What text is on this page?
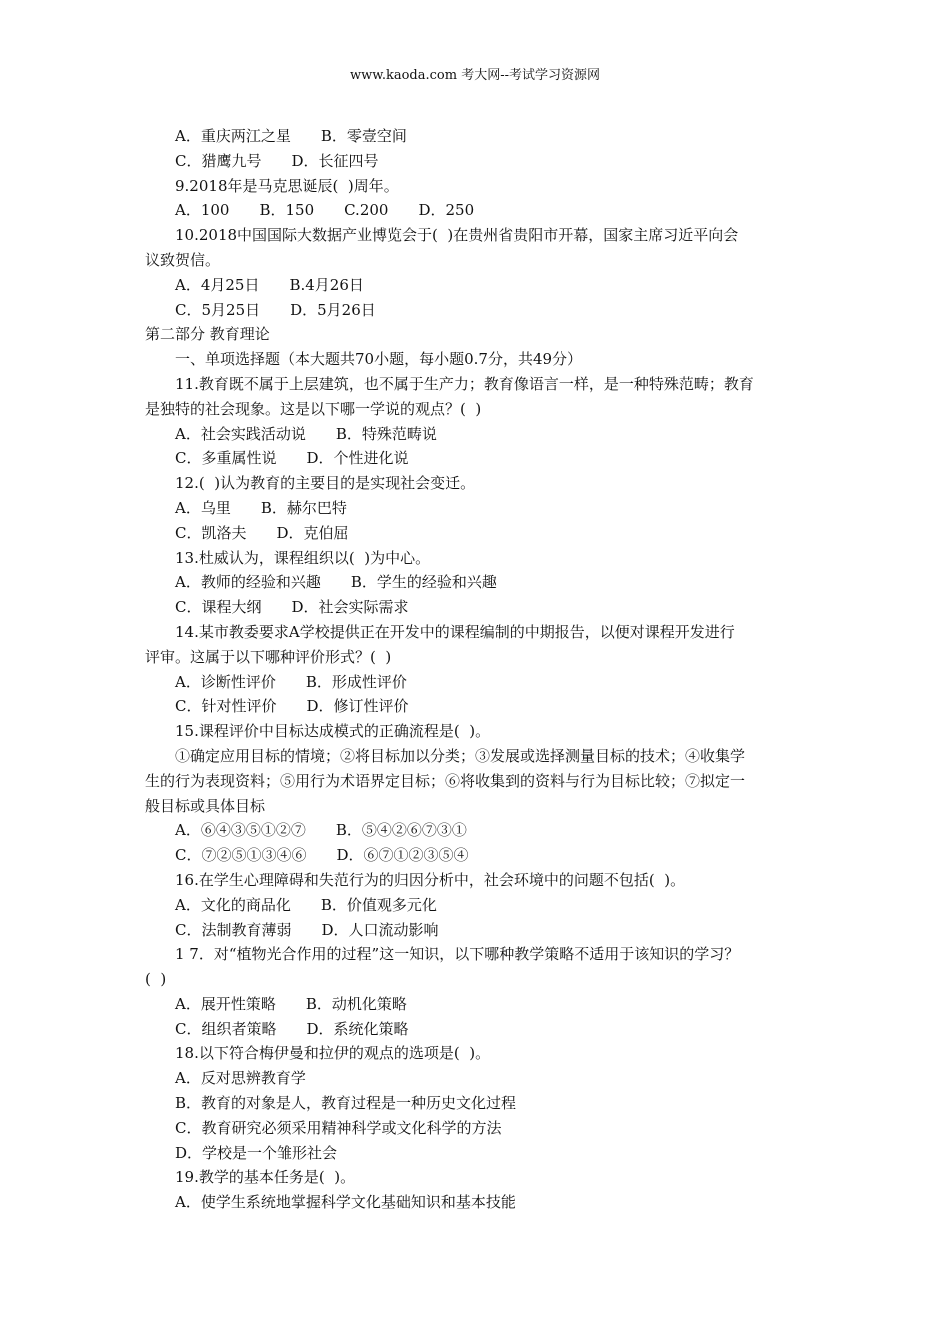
www.kaoda.com 考大网--考试学习资源网
A．重庆两江之星　　B．零壹空间
C．猎鹰九号　　D．长征四号
9.2018年是马克思诞辰(  )周年。
A．100　　B．150　　C.200　　D．250
10.2018中国国际大数据产业博览会于(  )在贵州省贵阳市开幕，国家主席习近平向会
议致贺信。
A．4月25日　　B.4月26日
C．5月25日　　D．5月26日
第二部分 教育理论
一、单项选择题（本大题共70小题，每小题0.7分，共49分）
11.教育既不属于上层建筑，也不属于生产力；教育像语言一样，是一种特殊范畴；教育
是独特的社会现象。这是以下哪一学说的观点？(  )
A．社会实践活动说　　B．特殊范畴说
C．多重属性说　　D．个性进化说
12.(  )认为教育的主要目的是实现社会变迁。
A．乌里　　B．赫尔巴特
C．凯洛夫　　D．克伯屈
13.杜威认为，课程组织以(  )为中心。
A．教师的经验和兴趣　　B．学生的经验和兴趣
C．课程大纲　　D．社会实际需求
14.某市教委要求A学校提供正在开发中的课程编制的中期报告，以便对课程开发进行
评审。这属于以下哪种评价形式？(  )
A．诊断性评价　　B．形成性评价
C．针对性评价　　D．修订性评价
15.课程评价中目标达成模式的正确流程是(  )。
①确定应用目标的情境；②将目标加以分类；③发展或选择测量目标的技术；④收集学
生的行为表现资料；⑤用行为术语界定目标；⑥将收集到的资料与行为目标比较；⑦拟定一
般目标或具体目标
A．⑥④③⑤①②⑦　　B．⑤④②⑥⑦③①
C．⑦②⑤①③④⑥　　D．⑥⑦①②③⑤④
16.在学生心理障碍和失范行为的归因分析中，社会环境中的问题不包括(  )。
A．文化的商品化　　B．价值观多元化
C．法制教育薄弱　　D．人口流动影响
1 7．对“植物光合作用的过程”这一知识，以下哪种教学策略不适用于该知识的学习？
(  )
A．展开性策略　　B．动机化策略
C．组织者策略　　D．系统化策略
18.以下符合梅伊曼和拉伊的观点的选项是(  )。
A．反对思辨教育学
B．教育的对象是人，教育过程是一种历史文化过程
C．教育研究必须采用精神科学或文化科学的方法
D．学校是一个雏形社会
19.教学的基本任务是(  )。
A．使学生系统地掌握科学文化基础知识和基本技能
